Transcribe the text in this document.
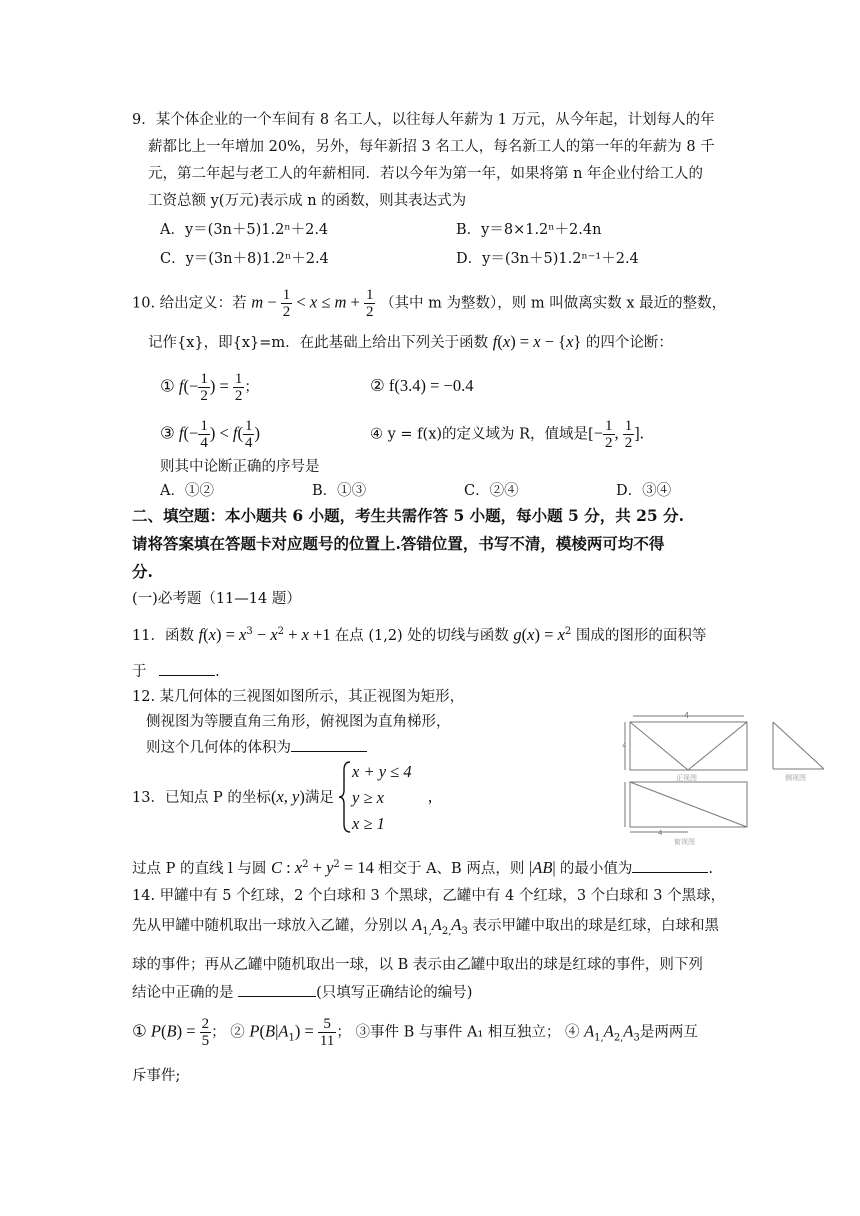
9．某个体企业的一个车间有 8 名工人，以往每人年薪为 1 万元，从今年起，计划每人的年
薪都比上一年增加 20%，另外，每年新招 3 名工人，每名新工人的第一年的年薪为 8 千
元，第二年起与老工人的年薪相同．若以今年为第一年，如果将第 n 年企业付给工人的
工资总额 y(万元)表示成 n 的函数，则其表达式为
A．y＝(3n＋5)1.2ⁿ＋2.4	B．y＝8×1.2ⁿ＋2.4n
C．y＝(3n＋8)1.2ⁿ＋2.4	D．y＝(3n＋5)1.2ⁿ⁻¹＋2.4
10. 给出定义：若 $m - \frac{1}{2} < x \le m + \frac{1}{2}$ （其中 m 为整数），则 m 叫做离实数 x 最近的整数，
记作{x}，即{x}=m．在此基础上给出下列关于函数 f(x) = x − {x} 的四个论断：
① $f(- \frac{1}{2}$ ) = $\frac{1}{2}$ ；	② f(3.4) = −0.4
③ $f(- \frac{1}{4}$ ) < $f( \frac{1}{4}$ )	④ y = f(x)的定义域为 R，值域是[− $\frac{1}{2}$ , $\frac{1}{2}$ ].
则其中论断正确的序号是
A．①②	B．①③	C．②④	D．③④
二、填空题：本小题共 6 小题，考生共需作答 5 小题，每小题 5 分，共 25 分.
请将答案填在答题卡对应题号的位置上.答错位置，书写不清，模棱两可均不得
分.
(一)必考题（11—14 题）
11．函数 $f(x) = x^3 - x^2 + x +1$ 在点 (1,2) 处的切线与函数 $g(x) = x^2$ 围成的图形的面积等
于	.
12. 某几何体的三视图如图所示，其正视图为矩形，
侧视图为等腰直角三角形，俯视图为直角梯形，
则这个几何体的体积为
13．已知点 P 的坐标(x, y)满足
x + y ≤ 4
y ≥ x
x ≥ 1
,
过点 P 的直线 l 与圆 C : $x^2 + y^2 = 14$ 相交于 A、B 两点，则 |AB| 的最小值为	.
4
4
正视图	侧视图
4
俯视图
14. 甲罐中有 5 个红球，2 个白球和 3 个黑球，乙罐中有 4 个红球，3 个白球和 3 个黑球，
先从甲罐中随机取出一球放入乙罐，分别以 $A_{1,}A_{2,}A_3$ 表示甲罐中取出的球是红球，白球和黑
球的事件；再从乙罐中随机取出一球，以 B 表示由乙罐中取出的球是红球的事件，则下列
结论中正确的是	(只填写正确结论的编号)
① $P(B) = \frac{2}{5}$ ； ② $P(B|A_1) = \frac{5}{11}$ ； ③事件 B 与事件 A₁ 相互独立； ④ $A_{1,}A_{2,}A_3$是两两互
斥事件;
